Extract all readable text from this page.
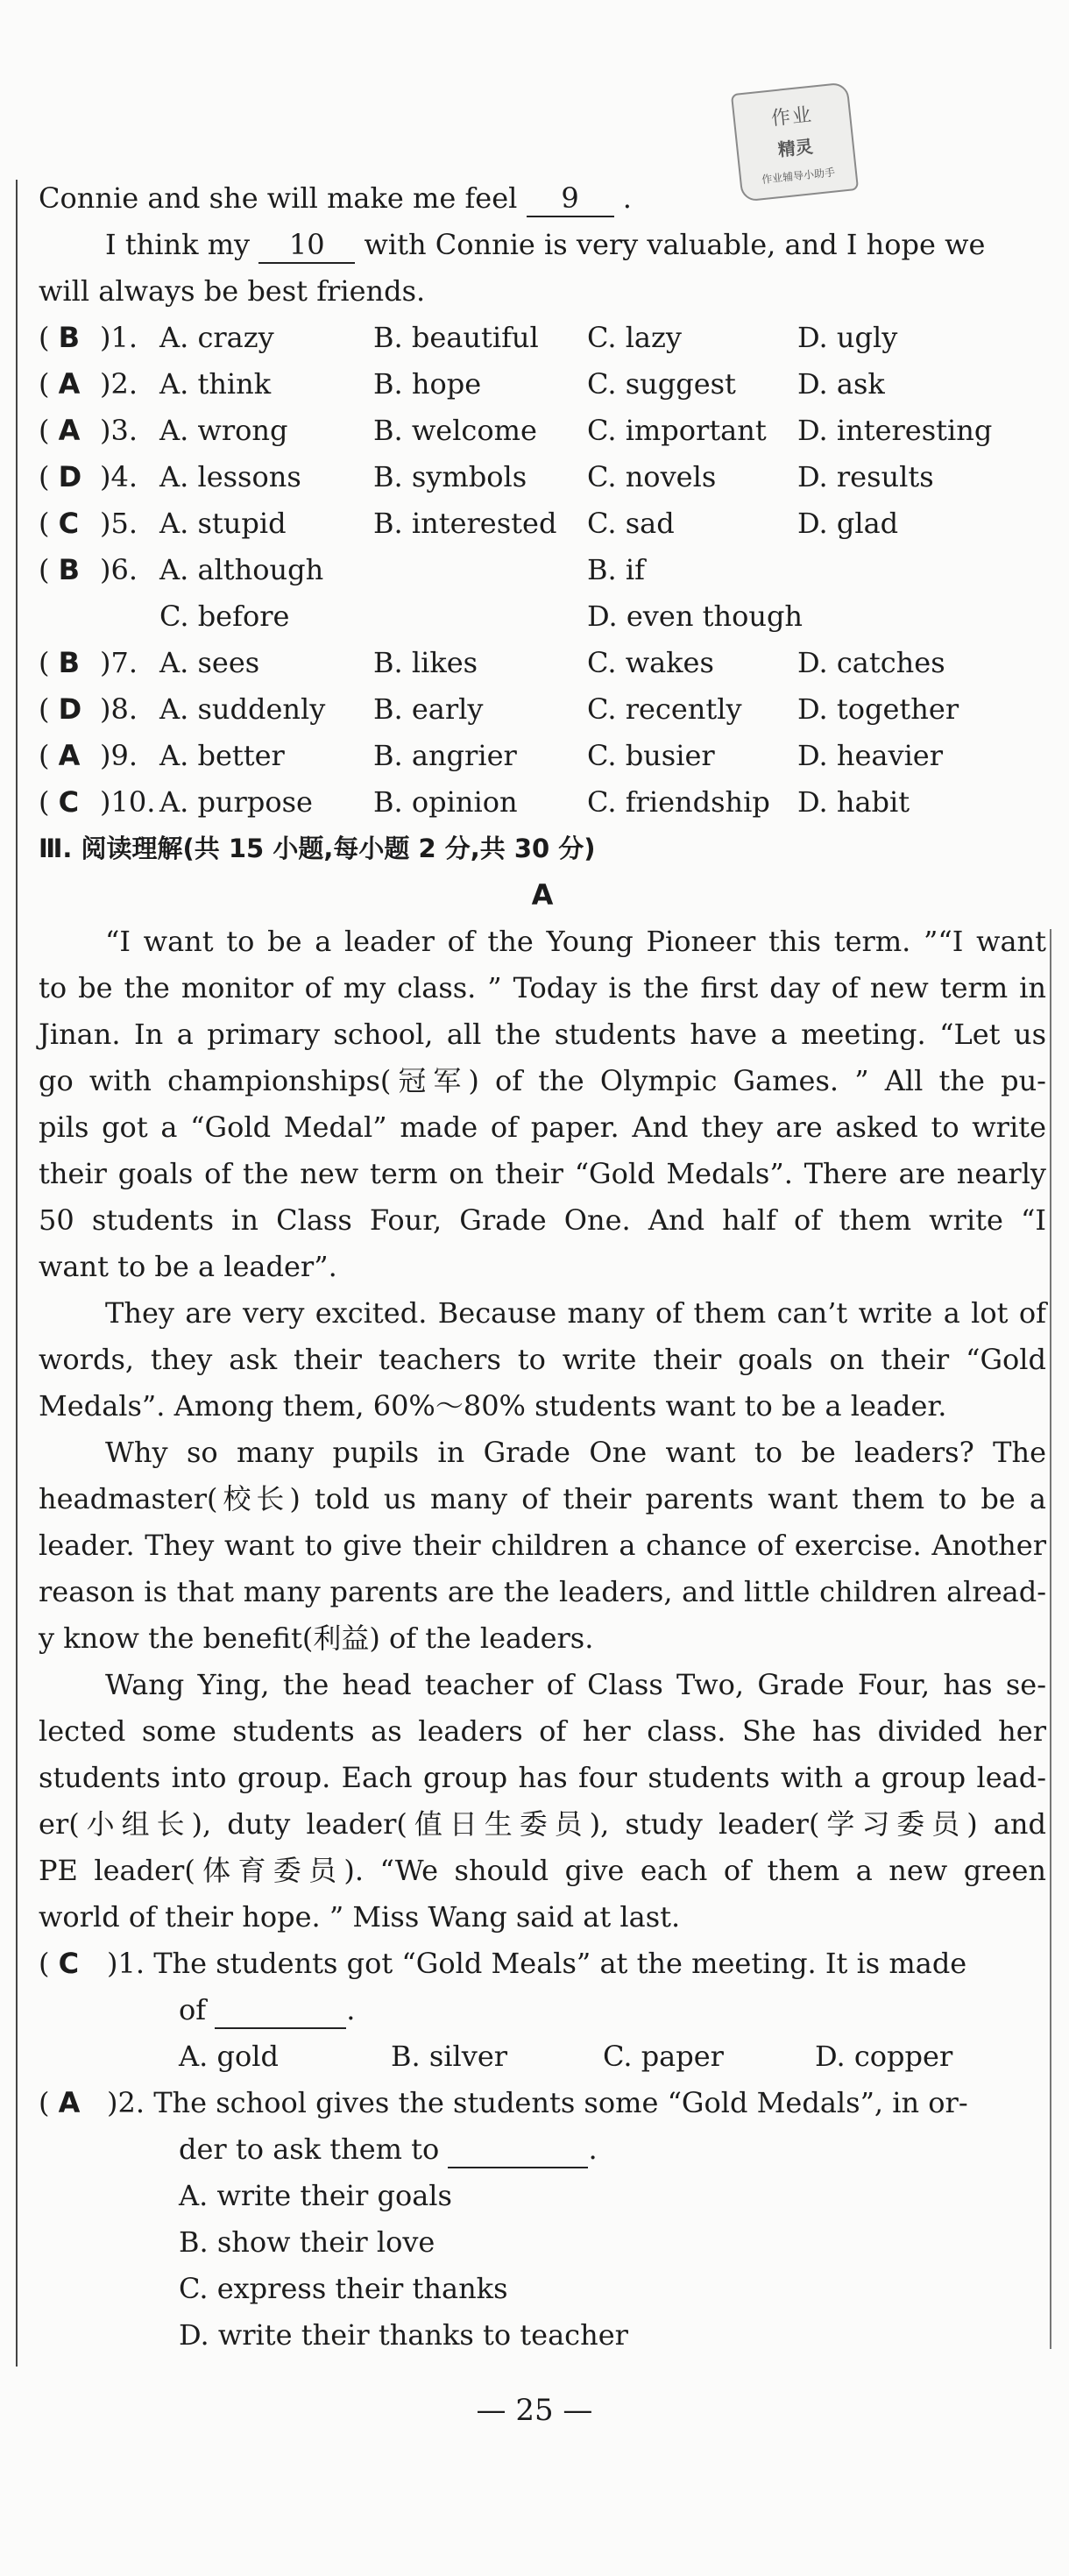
作业
精灵
作业辅导小助手
Connie and she will make me feel 9 .
I think my 10 with Connie is very valuable, and I hope we
will always be best friends.
( B )1. A. crazy	B. beautiful	C. lazy	D. ugly
( A )2. A. think	B. hope	C. suggest	D. ask
( A )3. A. wrong	B. welcome	C. important	D. interesting
( D )4. A. lessons	B. symbols	C. novels	D. results
( C )5. A. stupid	B. interested	C. sad	D. glad
( B )6. A. although	B. if
C. before	D. even though
( B )7. A. sees	B. likes	C. wakes	D. catches
( D )8. A. suddenly	B. early	C. recently	D. together
( A )9. A. better	B. angrier	C. busier	D. heavier
( C )10. A. purpose	B. opinion	C. friendship D. habit
Ⅲ. 阅读理解(共 15 小题,每小题 2 分,共 30 分)
A
“I want to be a leader of the Young Pioneer this term. ”“I want
to be the monitor of my class. ” Today is the first day of new term in
Jinan. In a primary school, all the students have a meeting. “Let us
go with championships(冠军) of the Olympic Games. ” All the pu-
pils got a “Gold Medal” made of paper. And they are asked to write
their goals of the new term on their “Gold Medals”. There are nearly
50 students in Class Four, Grade One. And half of them write “I
want to be a leader”.
They are very excited. Because many of them can’t write a lot of
words, they ask their teachers to write their goals on their “Gold
Medals”. Among them, 60%～80% students want to be a leader.
Why so many pupils in Grade One want to be leaders? The
headmaster(校长) told us many of their parents want them to be a
leader. They want to give their children a chance of exercise. Another
reason is that many parents are the leaders, and little children alread-
y know the benefit(利益) of the leaders.
Wang Ying, the head teacher of Class Two, Grade Four, has se-
lected some students as leaders of her class. She has divided her
students into group. Each group has four students with a group lead-
er(小组长), duty leader(值日生委员), study leader(学习委员) and
PE leader(体育委员). “We should give each of them a new green
world of their hope. ” Miss Wang said at last.
( C )1. The students got “Gold Meals” at the meeting. It is made
of	.
A. gold	B. silver	C. paper	D. copper
( A )2. The school gives the students some “Gold Medals”, in or-
der to ask them to	.
A. write their goals
B. show their love
C. express their thanks
D. write their thanks to teacher
— 25 —
